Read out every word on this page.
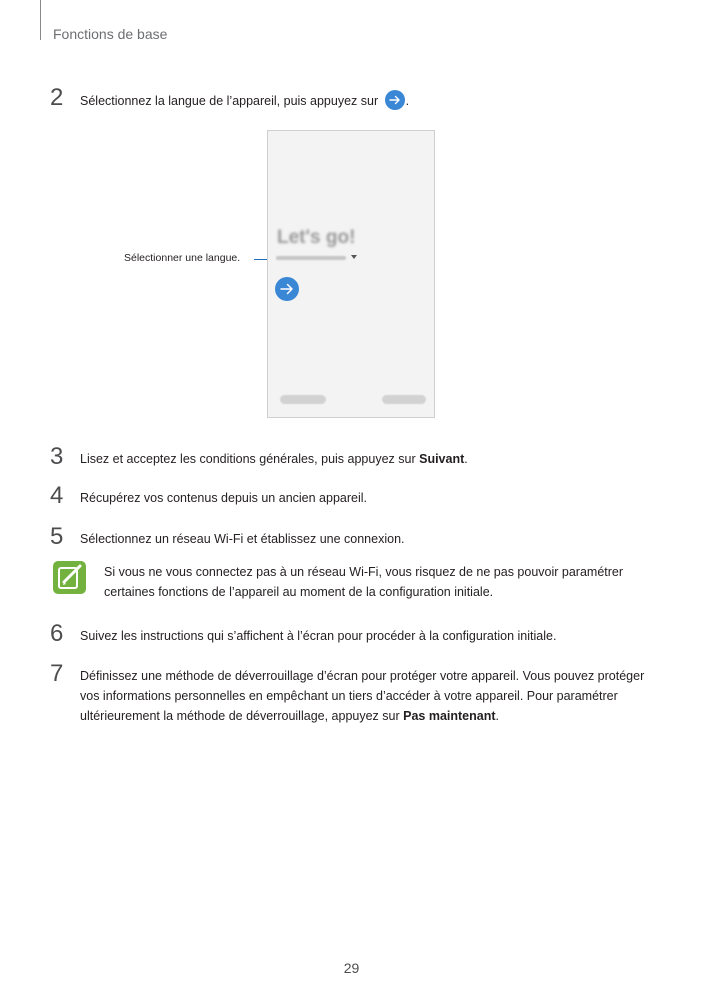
Fonctions de base
2 Sélectionnez la langue de l’appareil, puis appuyez sur .
Sélectionner une langue.
Let's go!
3 Lisez et acceptez les conditions générales, puis appuyez sur Suivant.
4 Récupérez vos contenus depuis un ancien appareil.
5 Sélectionnez un réseau Wi-Fi et établissez une connexion.
Si vous ne vous connectez pas à un réseau Wi-Fi, vous risquez de ne pas pouvoir paramétrer certaines fonctions de l’appareil au moment de la configuration initiale.
6 Suivez les instructions qui s’affichent à l’écran pour procéder à la configuration initiale.
7 Définissez une méthode de déverrouillage d’écran pour protéger votre appareil. Vous pouvez protéger vos informations personnelles en empêchant un tiers d’accéder à votre appareil. Pour paramétrer ultérieurement la méthode de déverrouillage, appuyez sur Pas maintenant.
29
